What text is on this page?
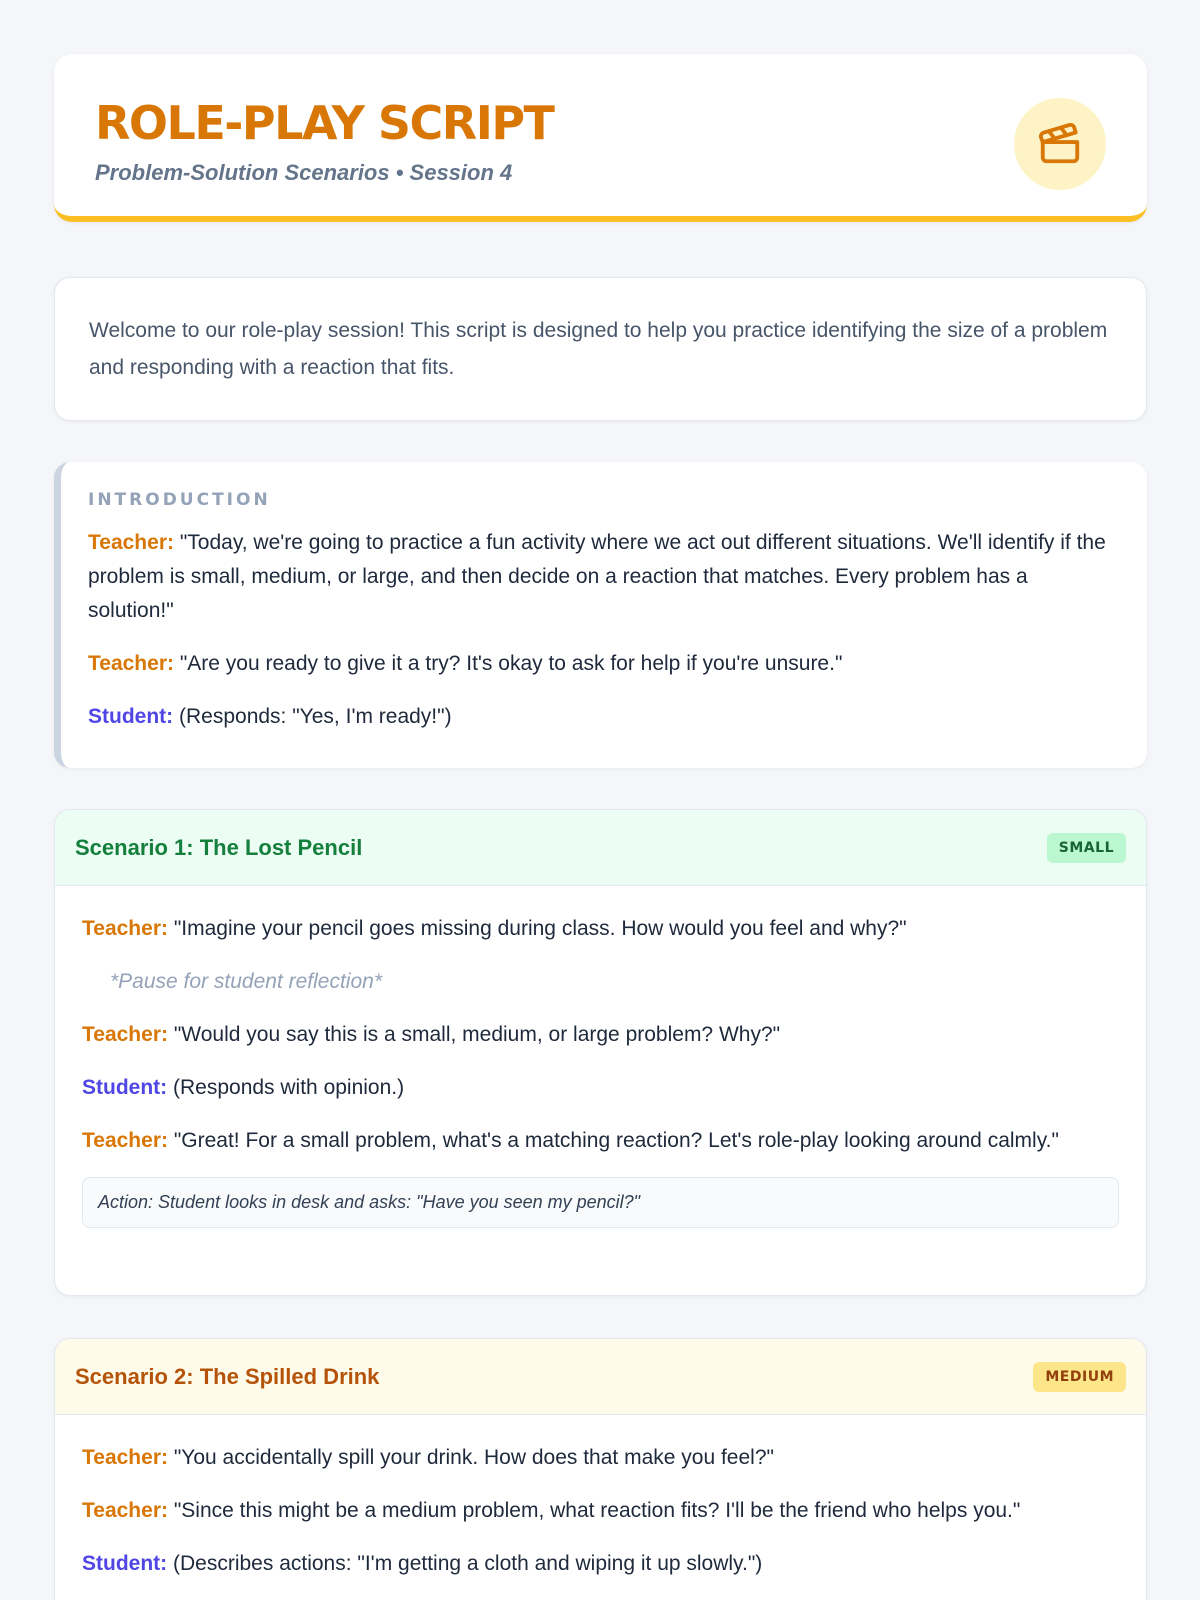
ROLE-PLAY SCRIPT
Problem-Solution Scenarios • Session 4

Welcome to our role-play session! This script is designed to help you practice identifying the size of a problem and responding with a reaction that fits.

INTRODUCTION

Teacher: "Today, we're going to practice a fun activity where we act out different situations. We'll identify if the problem is small, medium, or large, and then decide on a reaction that matches. Every problem has a solution!"

Teacher: "Are you ready to give it a try? It's okay to ask for help if you're unsure."

Student: (Responds: "Yes, I'm ready!")

Scenario 1: The Lost Pencil	SMALL

Teacher: "Imagine your pencil goes missing during class. How would you feel and why?"

*Pause for student reflection*

Teacher: "Would you say this is a small, medium, or large problem? Why?"

Student: (Responds with opinion.)

Teacher: "Great! For a small problem, what's a matching reaction? Let's role-play looking around calmly."

Action: Student looks in desk and asks: "Have you seen my pencil?"
Scenario 2: The Spilled Drink	MEDIUM

Teacher: "You accidentally spill your drink. How does that make you feel?"

Teacher: "Since this might be a medium problem, what reaction fits? I'll be the friend who helps you."

Student: (Describes actions: "I'm getting a cloth and wiping it up slowly.")
